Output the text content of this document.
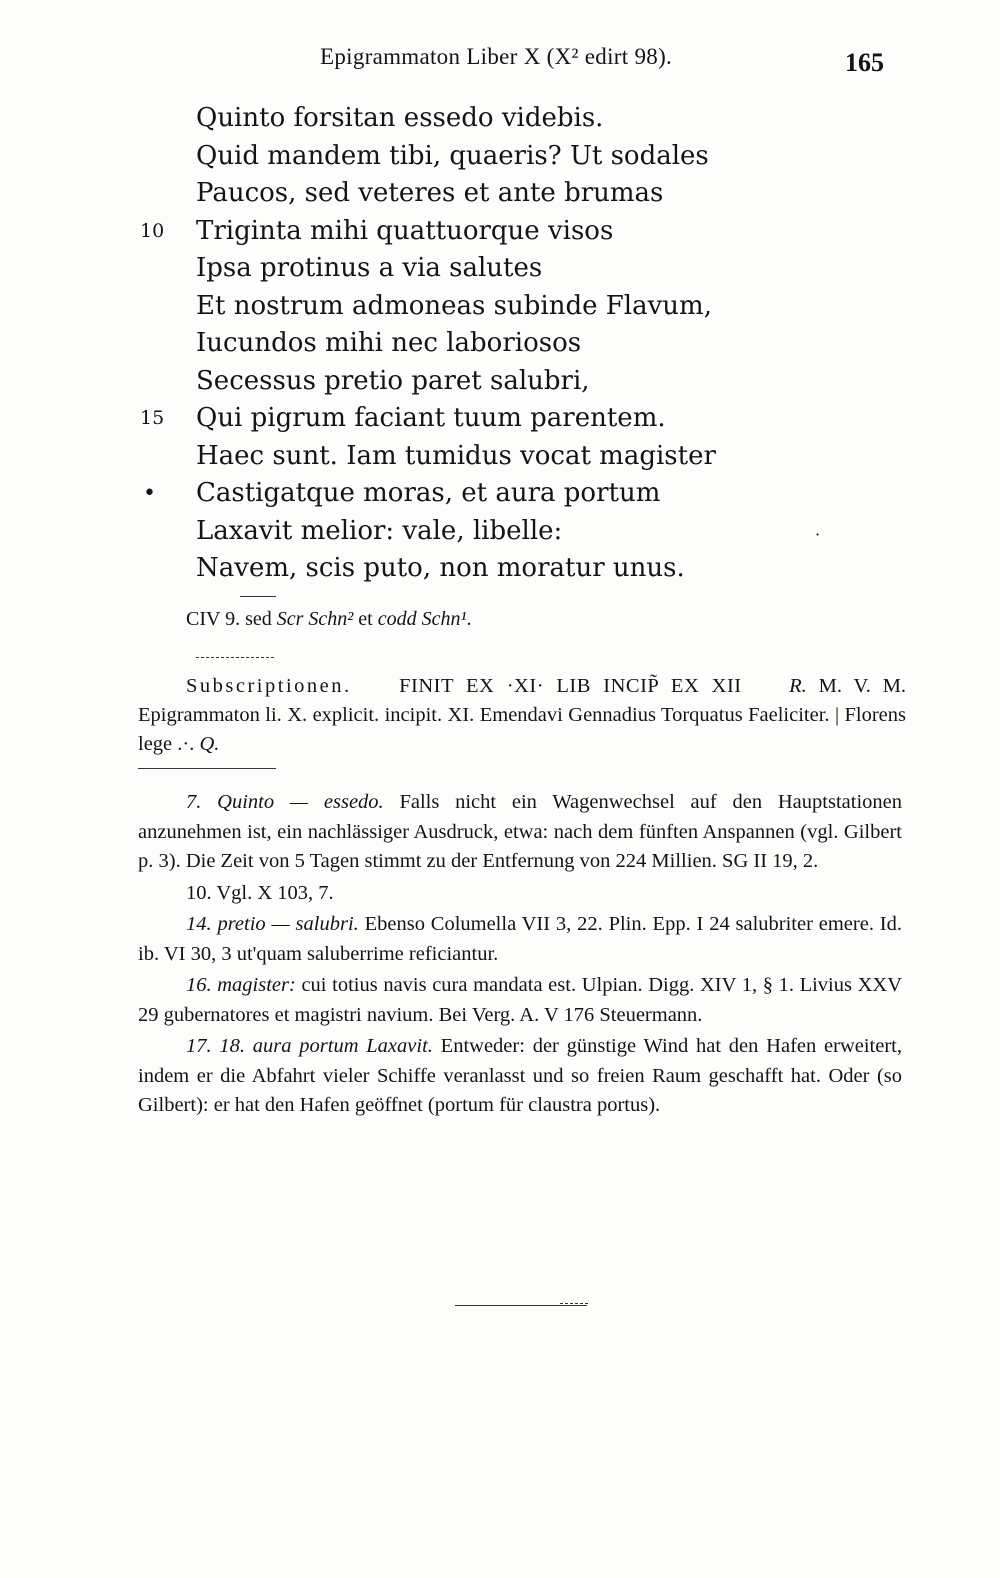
Epigrammaton Liber X (X² edirt 98).	165
Quinto forsitan essedo videbis.
Quid mandem tibi, quaeris? Ut sodales
Paucos, sed veteres et ante brumas
10	Triginta mihi quattuorque visos
Ipsa protinus a via salutes
Et nostrum admoneas subinde Flavum,
Iucundos mihi nec laboriosos
Secessus pretio paret salubri,
15	Qui pigrum faciant tuum parentem.
Haec sunt. Iam tumidus vocat magister
• Castigatque moras, et aura portum
Laxavit melior: vale, libelle:
Navem, scis puto, non moratur unus.
·
CIV 9. sed Scr Schn² et codd Schn¹.

Subscriptionen. FINIT EX ·XI· LIB INCIP̃ EX XII R. M. V. M. Epigrammaton li. X. explicit. incipit. XI. Emendavi Gennadius Torquatus Faeliciter. | Florens lege .·. Q.

7. Quinto — essedo. Falls nicht ein Wagenwechsel auf den Hauptstationen anzunehmen ist, ein nachlässiger Ausdruck, etwa: nach dem fünften Anspannen (vgl. Gilbert p. 3). Die Zeit von 5 Tagen stimmt zu der Entfernung von 224 Millien. SG II 19, 2.

10. Vgl. X 103, 7.

14. pretio — salubri. Ebenso Columella VII 3, 22. Plin. Epp. I 24 salubriter emere. Id. ib. VI 30, 3 ut'quam saluberrime reficiantur.

16. magister: cui totius navis cura mandata est. Ulpian. Digg. XIV 1, § 1. Livius XXV 29 gubernatores et magistri navium. Bei Verg. A. V 176 Steuermann.

17. 18. aura portum Laxavit. Entweder: der günstige Wind hat den Hafen erweitert, indem er die Abfahrt vieler Schiffe veranlasst und so freien Raum geschafft hat. Oder (so Gilbert): er hat den Hafen geöffnet (portum für claustra portus).
